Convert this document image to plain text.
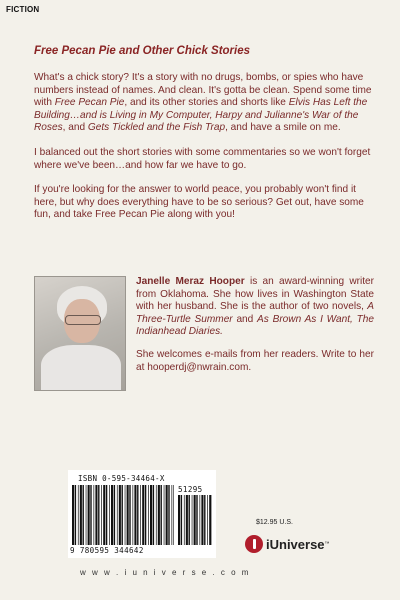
FICTION
Free Pecan Pie and Other Chick Stories

What's a chick story? It's a story with no drugs, bombs, or spies who have numbers instead of names. And clean. It's gotta be clean. Spend some time with Free Pecan Pie, and its other stories and shorts like Elvis Has Left the Building…and is Living in My Computer, Harpy and Julianne's War of the Roses, and Gets Tickled and the Fish Trap, and have a smile on me.

I balanced out the short stories with some commentaries so we won't forget where we've been…and how far we have to go.

If you're looking for the answer to world peace, you probably won't find it here, but why does everything have to be so serious? Get out, have some fun, and take Free Pecan Pie along with you!

Janelle Meraz Hooper is an award-winning writer from Oklahoma. She how lives in Washington State with her husband. She is the author of two novels, A Three-Turtle Summer and As Brown As I Want, The Indianhead Diaries.

She welcomes e-mails from her readers. Write to her at hooperdj@nwrain.com.

ISBN 0-595-34464-X
9 780595 344642
51295
$12.95 U.S.
iUniverse ™
w w w . i u n i v e r s e . c o m
